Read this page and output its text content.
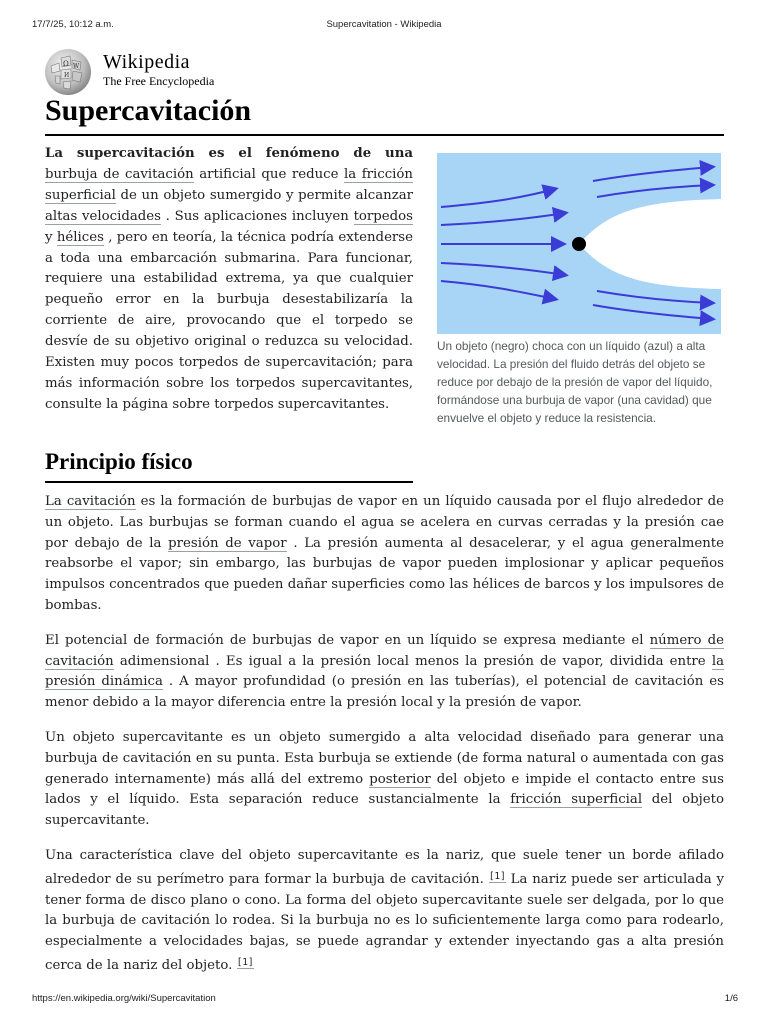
17/7/25, 10:12 a.m.	Supercavitation - Wikipedia
Ω W
И
Wikipedia
The Free Encyclopedia
Supercavitación
La supercavitación es el fenómeno de una burbuja de cavitación artificial que reduce la fricción superficial de un objeto sumergido y permite alcanzar altas velocidades . Sus aplicaciones incluyen torpedos y hélices , pero en teoría, la técnica podría extenderse a toda una embarcación submarina. Para funcionar, requiere una estabilidad extrema, ya que cualquier pequeño error en la burbuja desestabilizaría la corriente de aire, provocando que el torpedo se desvíe de su objetivo original o reduzca su velocidad. Existen muy pocos torpedos de supercavitación; para más información sobre los torpedos supercavitantes, consulte la página sobre torpedos supercavitantes.
Un objeto (negro) choca con un líquido (azul) a alta velocidad. La presión del fluido detrás del objeto se reduce por debajo de la presión de vapor del líquido, formándose una burbuja de vapor (una cavidad) que envuelve el objeto y reduce la resistencia.
Principio físico

La cavitación es la formación de burbujas de vapor en un líquido causada por el flujo alrededor de un objeto. Las burbujas se forman cuando el agua se acelera en curvas cerradas y la presión cae por debajo de la presión de vapor . La presión aumenta al desacelerar, y el agua generalmente reabsorbe el vapor; sin embargo, las burbujas de vapor pueden implosionar y aplicar pequeños impulsos concentrados que pueden dañar superficies como las hélices de barcos y los impulsores de bombas.

El potencial de formación de burbujas de vapor en un líquido se expresa mediante el número de cavitación adimensional . Es igual a la presión local menos la presión de vapor, dividida entre la presión dinámica . A mayor profundidad (o presión en las tuberías), el potencial de cavitación es menor debido a la mayor diferencia entre la presión local y la presión de vapor.

Un objeto supercavitante es un objeto sumergido a alta velocidad diseñado para generar una burbuja de cavitación en su punta. Esta burbuja se extiende (de forma natural o aumentada con gas generado internamente) más allá del extremo posterior del objeto e impide el contacto entre sus lados y el líquido. Esta separación reduce sustancialmente la fricción superficial del objeto supercavitante.

Una característica clave del objeto supercavitante es la nariz, que suele tener un borde afilado alrededor de su perímetro para formar la burbuja de cavitación. [1] La nariz puede ser articulada y tener forma de disco plano o cono. La forma del objeto supercavitante suele ser delgada, por lo que la burbuja de cavitación lo rodea. Si la burbuja no es lo suficientemente larga como para rodearlo, especialmente a velocidades bajas, se puede agrandar y extender inyectando gas a alta presión cerca de la nariz del objeto. [1]

https://en.wikipedia.org/wiki/Supercavitation	1/6
